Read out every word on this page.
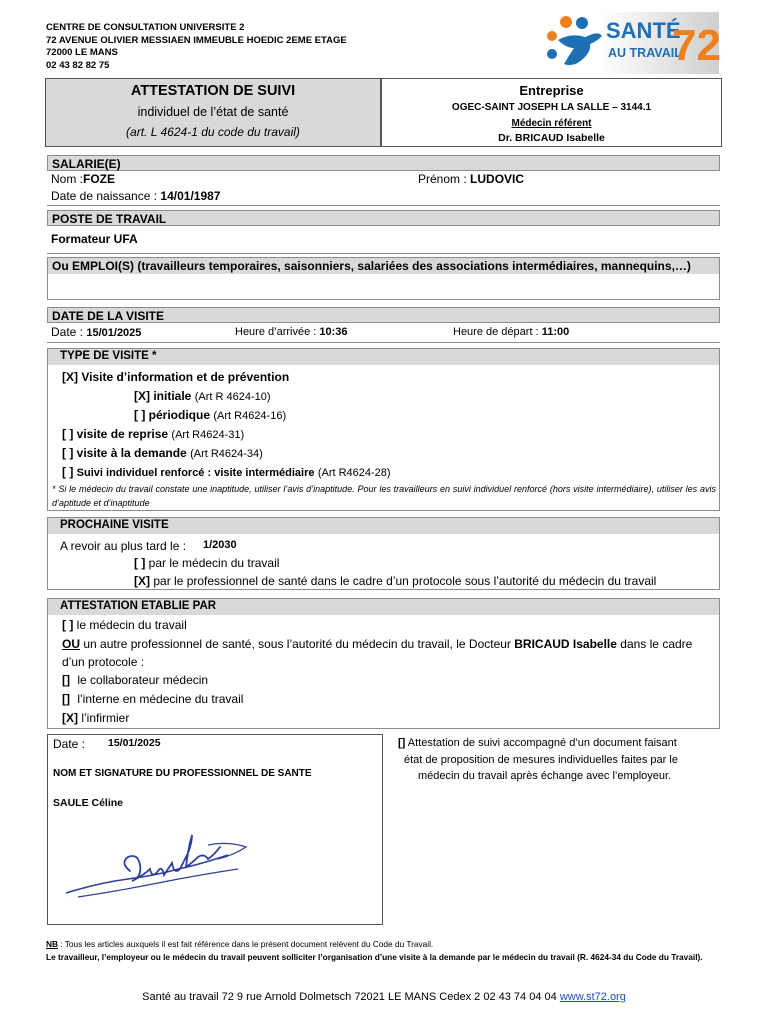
CENTRE DE CONSULTATION UNIVERSITE 2
72 AVENUE OLIVIER MESSIAEN IMMEUBLE HOEDIC 2EME ETAGE
72000 LE MANS
02 43 82 82 75
SANTÉ
AU TRAVAIL
72
ATTESTATION DE SUIVI
individuel de l’état de santé
(art. L 4624-1 du code du travail)
Entreprise
OGEC-SAINT JOSEPH LA SALLE – 3144.1
Médecin référent
Dr. BRICAUD Isabelle
SALARIE(E)
Nom :FOZE	Prénom : LUDOVIC
Date de naissance : 14/01/1987
POSTE DE TRAVAIL
Formateur UFA
Ou EMPLOI(S) (travailleurs temporaires, saisonniers, salariées des associations intermédiaires, mannequins,…)
DATE DE LA VISITE
Date : 15/01/2025	Heure d’arrivée : 10:36	Heure de départ : 11:00
TYPE DE VISITE *
[X] Visite d’information et de prévention
[X] initiale (Art R 4624-10)
[ ] périodique (Art R4624-16)
[ ] visite de reprise (Art R4624-31)
[ ] visite à la demande (Art R4624-34)
[ ] Suivi individuel renforcé : visite intermédiaire (Art R4624-28)
* Si le médecin du travail constate une inaptitude, utiliser l’avis d’inaptitude. Pour les travailleurs en suivi individuel renforcé (hors visite intermédiaire), utiliser les avis d’aptitude et d’inaptitude
PROCHAINE VISITE
A revoir au plus tard le : 1/2030
[ ] par le médecin du travail
[X] par le professionnel de santé dans le cadre d’un protocole sous l’autorité du médecin du travail
ATTESTATION ETABLIE PAR
[ ] le médecin du travail
OU un autre professionnel de santé, sous l’autorité du médecin du travail, le Docteur BRICAUD Isabelle dans le cadre
d’un protocole :
[] le collaborateur médecin
[] l’interne en médecine du travail
[X] l’infirmier
Date : 15/01/2025
NOM ET SIGNATURE DU PROFESSIONNEL DE SANTE
SAULE Céline
[] Attestation de suivi accompagné d’un document faisant
état de proposition de mesures individuelles faites par le
médecin du travail après échange avec l’employeur.
NB : Tous les articles auxquels il est fait référence dans le présent document relèvent du Code du Travail.
Le travailleur, l’employeur ou le médecin du travail peuvent solliciter l’organisation d’une visite à la demande par le médecin du travail (R. 4624-34 du Code du Travail).
Santé au travail 72 9 rue Arnold Dolmetsch 72021 LE MANS Cedex 2 02 43 74 04 04 www.st72.org
